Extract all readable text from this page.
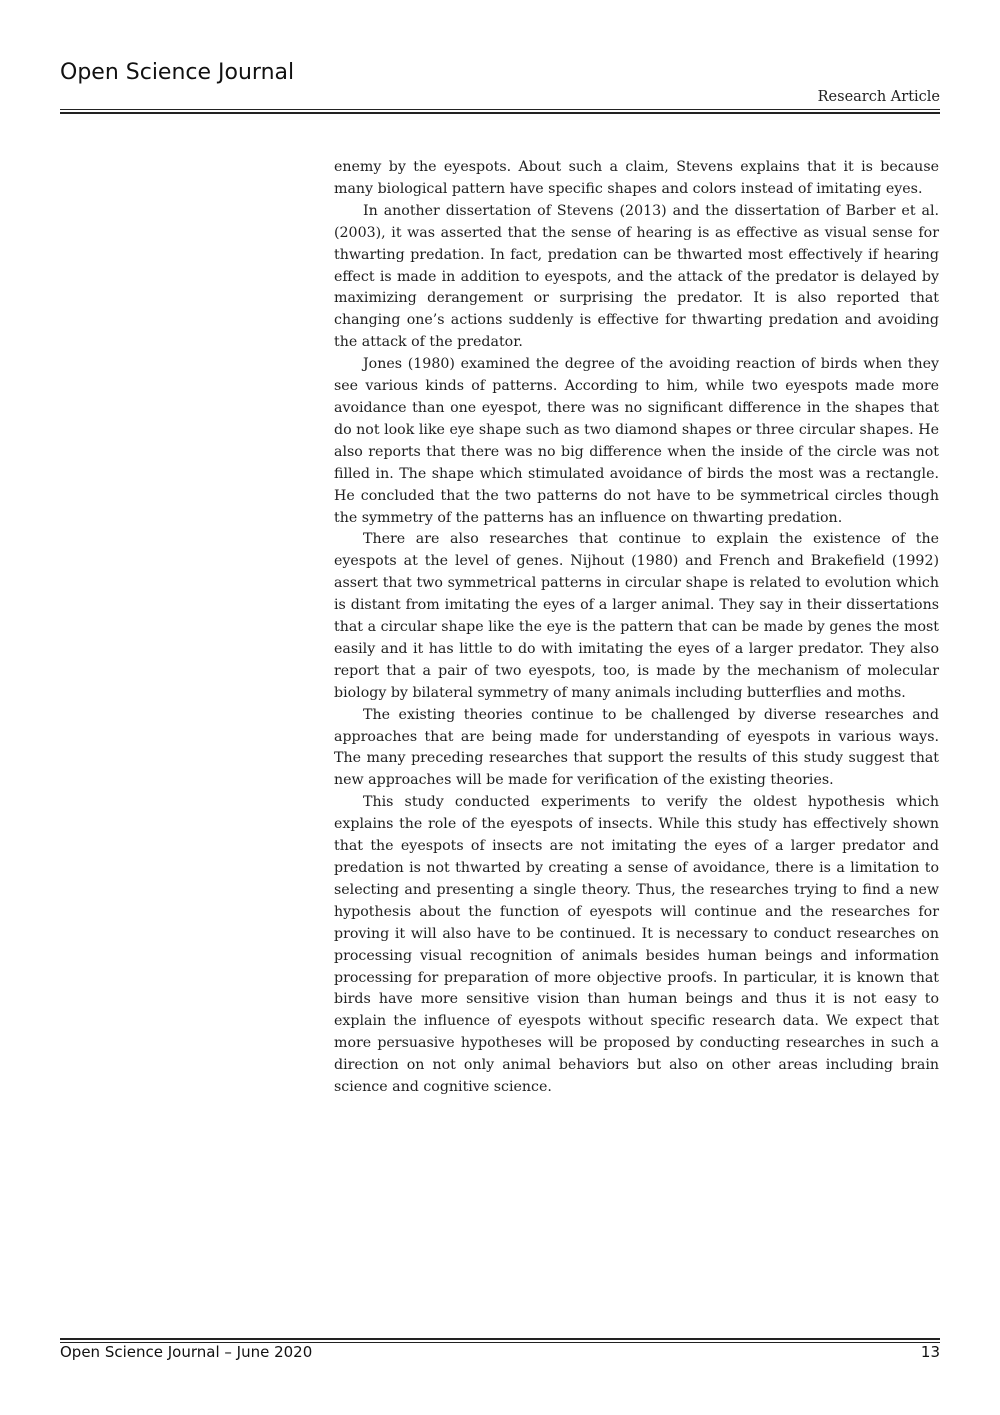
Open Science Journal
Research Article

enemy by the eyespots. About such a claim, Stevens explains that it is because many biological pattern have specific shapes and colors instead of imitating eyes.

In another dissertation of Stevens (2013) and the dissertation of Barber et al. (2003), it was asserted that the sense of hearing is as effective as visual sense for thwarting predation. In fact, predation can be thwarted most effectively if hearing effect is made in addition to eyespots, and the attack of the predator is delayed by maximizing derangement or surprising the predator. It is also reported that changing one’s actions suddenly is effective for thwarting predation and avoiding the attack of the predator.

Jones (1980) examined the degree of the avoiding reaction of birds when they see various kinds of patterns. According to him, while two eyespots made more avoidance than one eyespot, there was no significant difference in the shapes that do not look like eye shape such as two diamond shapes or three circular shapes. He also reports that there was no big difference when the inside of the circle was not filled in. The shape which stimulated avoidance of birds the most was a rectangle. He concluded that the two patterns do not have to be symmetrical circles though the symmetry of the patterns has an influence on thwarting predation.

There are also researches that continue to explain the existence of the eyespots at the level of genes. Nijhout (1980) and French and Brakefield (1992) assert that two symmetrical patterns in circular shape is related to evolution which is distant from imitating the eyes of a larger animal. They say in their dissertations that a circular shape like the eye is the pattern that can be made by genes the most easily and it has little to do with imitating the eyes of a larger predator. They also report that a pair of two eyespots, too, is made by the mechanism of molecular biology by bilateral symmetry of many animals including butterflies and moths.

The existing theories continue to be challenged by diverse researches and approaches that are being made for understanding of eyespots in various ways. The many preceding researches that support the results of this study suggest that new approaches will be made for verification of the existing theories.

This study conducted experiments to verify the oldest hypothesis which explains the role of the eyespots of insects. While this study has effectively shown that the eyespots of insects are not imitating the eyes of a larger predator and predation is not thwarted by creating a sense of avoidance, there is a limitation to selecting and presenting a single theory. Thus, the researches trying to find a new hypothesis about the function of eyespots will continue and the researches for proving it will also have to be continued. It is necessary to conduct researches on processing visual recognition of animals besides human beings and information processing for preparation of more objective proofs. In particular, it is known that birds have more sensitive vision than human beings and thus it is not easy to explain the influence of eyespots without specific research data. We expect that more persuasive hypotheses will be proposed by conducting researches in such a direction on not only animal behaviors but also on other areas including brain science and cognitive science.

Open Science Journal – June 2020	13
